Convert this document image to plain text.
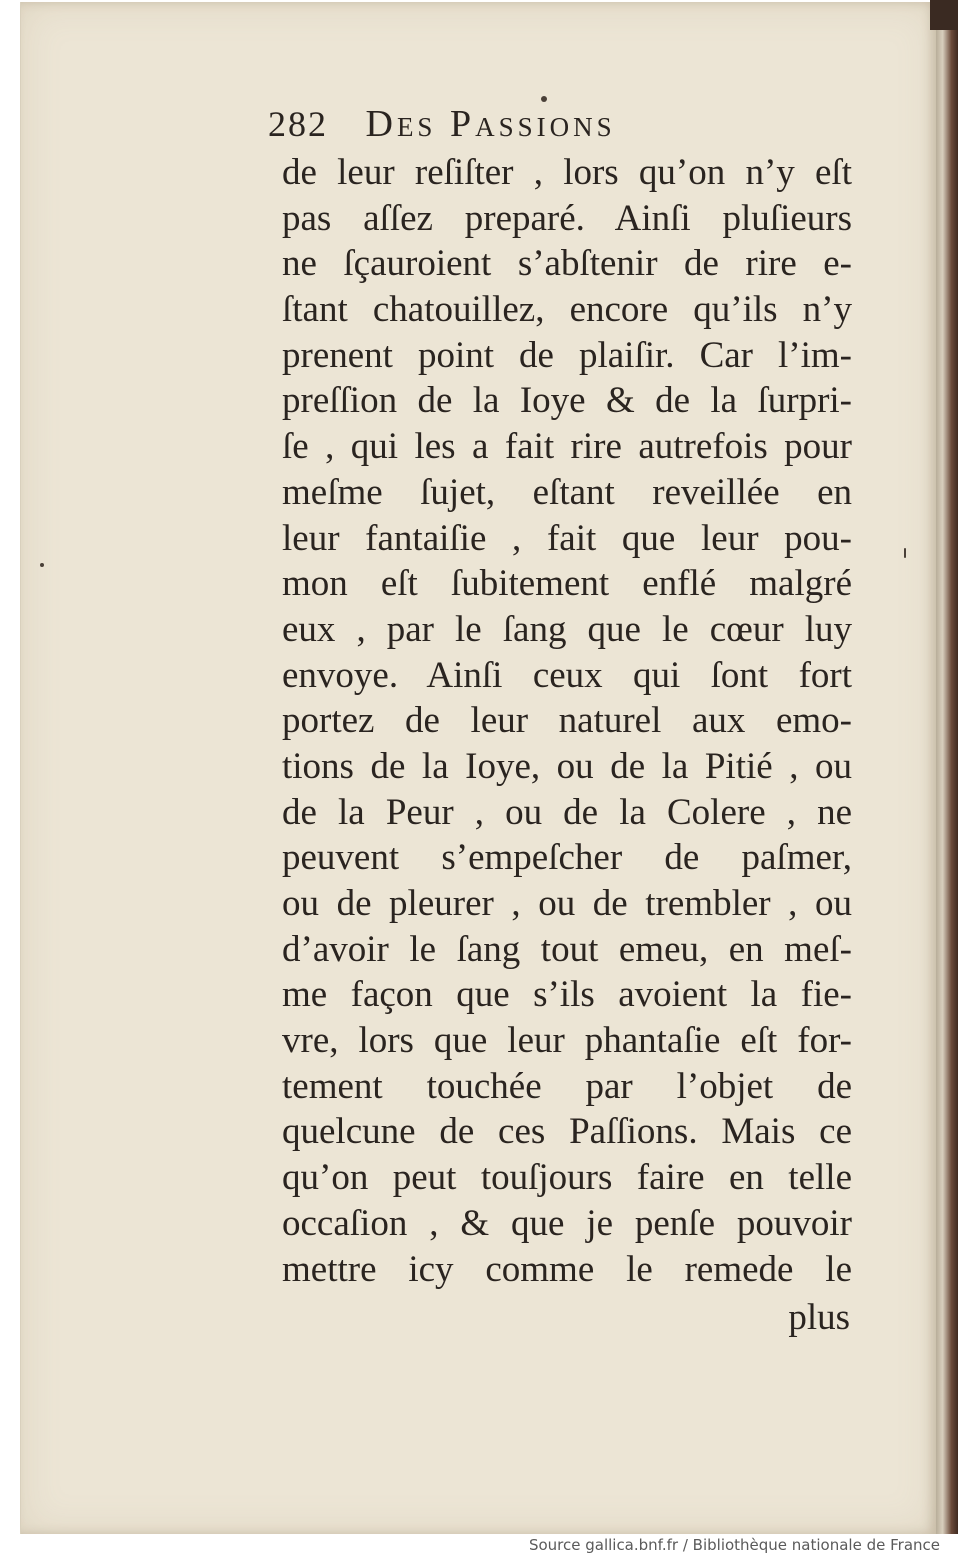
282 Des Passions
de leur reſiſter , lors qu’on n’y eſt
pas aſſez preparé. Ainſi pluſieurs
ne ſçauroient s’abſtenir de rire e-
ſtant chatouillez, encore qu’ils n’y
prenent point de plaiſir. Car l’im-
preſſion de la Ioye & de la ſurpri-
ſe , qui les a fait rire autrefois pour
meſme ſujet, eſtant reveillée en
leur fantaiſie , fait que leur pou-
mon eſt ſubitement enflé malgré
eux , par le ſang que le cœur luy
envoye. Ainſi ceux qui ſont fort
portez de leur naturel aux emo-
tions de la Ioye, ou de la Pitié , ou
de la Peur , ou de la Colere , ne
peuvent s’empeſcher de paſmer,
ou de pleurer , ou de trembler , ou
d’avoir le ſang tout emeu, en meſ-
me façon que s’ils avoient la fie-
vre, lors que leur phantaſie eſt for-
tement touchée par l’objet de
quelcune de ces Paſſions. Mais ce
qu’on peut touſjours faire en telle
occaſion , & que je penſe pouvoir
mettre icy comme le remede le
plus
Source gallica.bnf.fr / Bibliothèque nationale de France
